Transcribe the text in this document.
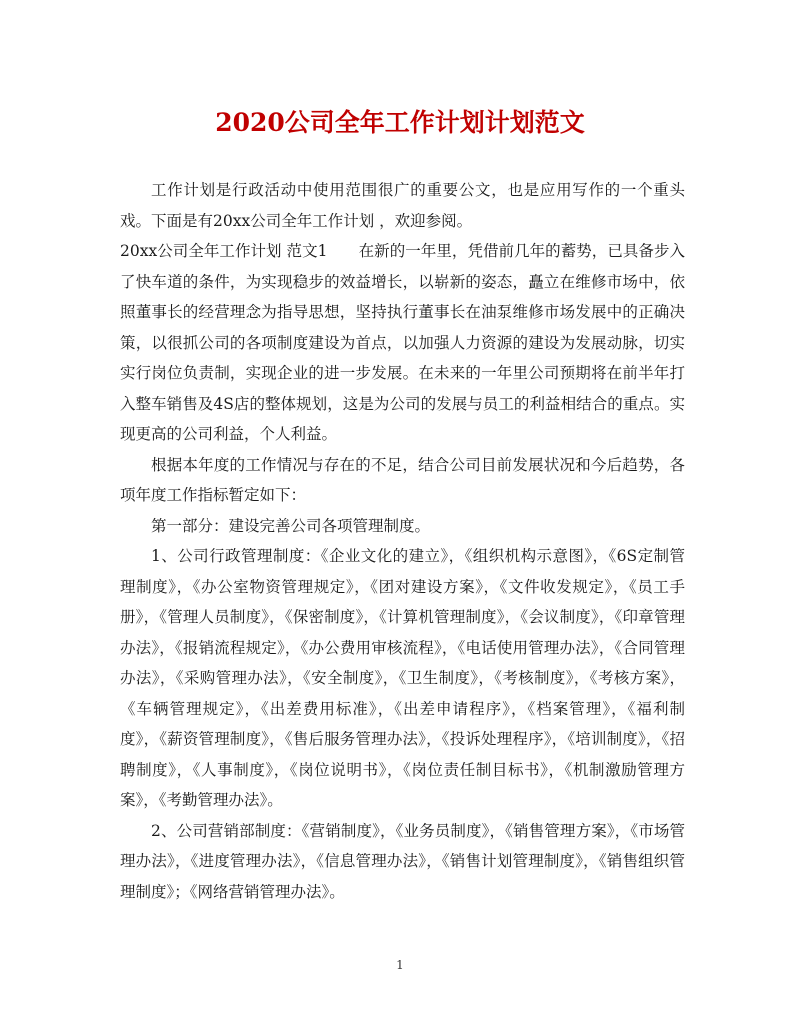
2020公司全年工作计划计划范文

工作计划是行政活动中使用范围很广的重要公文，也是应用写作的一个重头戏。下面是有20xx公司全年工作计划 ，欢迎参阅。

20xx公司全年工作计划 范文1　　在新的一年里，凭借前几年的蓄势，已具备步入了快车道的条件，为实现稳步的效益增长，以崭新的姿态，矗立在维修市场中，依照董事长的经营理念为指导思想，坚持执行董事长在油泵维修市场发展中的正确决策，以很抓公司的各项制度建设为首点，以加强人力资源的建设为发展动脉，切实实行岗位负责制，实现企业的进一步发展。在未来的一年里公司预期将在前半年打入整车销售及4S店的整体规划，这是为公司的发展与员工的利益相结合的重点。实现更高的公司利益，个人利益。

根据本年度的工作情况与存在的不足，结合公司目前发展状况和今后趋势，各项年度工作指标暂定如下：

第一部分：建设完善公司各项管理制度。

1、公司行政管理制度：《企业文化的建立》，《组织机构示意图》，《6S定制管理制度》，《办公室物资管理规定》，《团对建设方案》，《文件收发规定》，《员工手册》，《管理人员制度》，《保密制度》，《计算机管理制度》，《会议制度》，《印章管理办法》，《报销流程规定》，《办公费用审核流程》，《电话使用管理办法》，《合同管理办法》，《采购管理办法》，《安全制度》，《卫生制度》，《考核制度》，《考核方案》，《车辆管理规定》，《出差费用标准》，《出差申请程序》，《档案管理》，《福利制度》，《薪资管理制度》，《售后服务管理办法》，《投诉处理程序》，《培训制度》，《招聘制度》，《人事制度》，《岗位说明书》，《岗位责任制目标书》，《机制激励管理方案》，《考勤管理办法》。

2、公司营销部制度：《营销制度》，《业务员制度》，《销售管理方案》，《市场管理办法》，《进度管理办法》，《信息管理办法》，《销售计划管理制度》，《销售组织管理制度》；《网络营销管理办法》。

1
